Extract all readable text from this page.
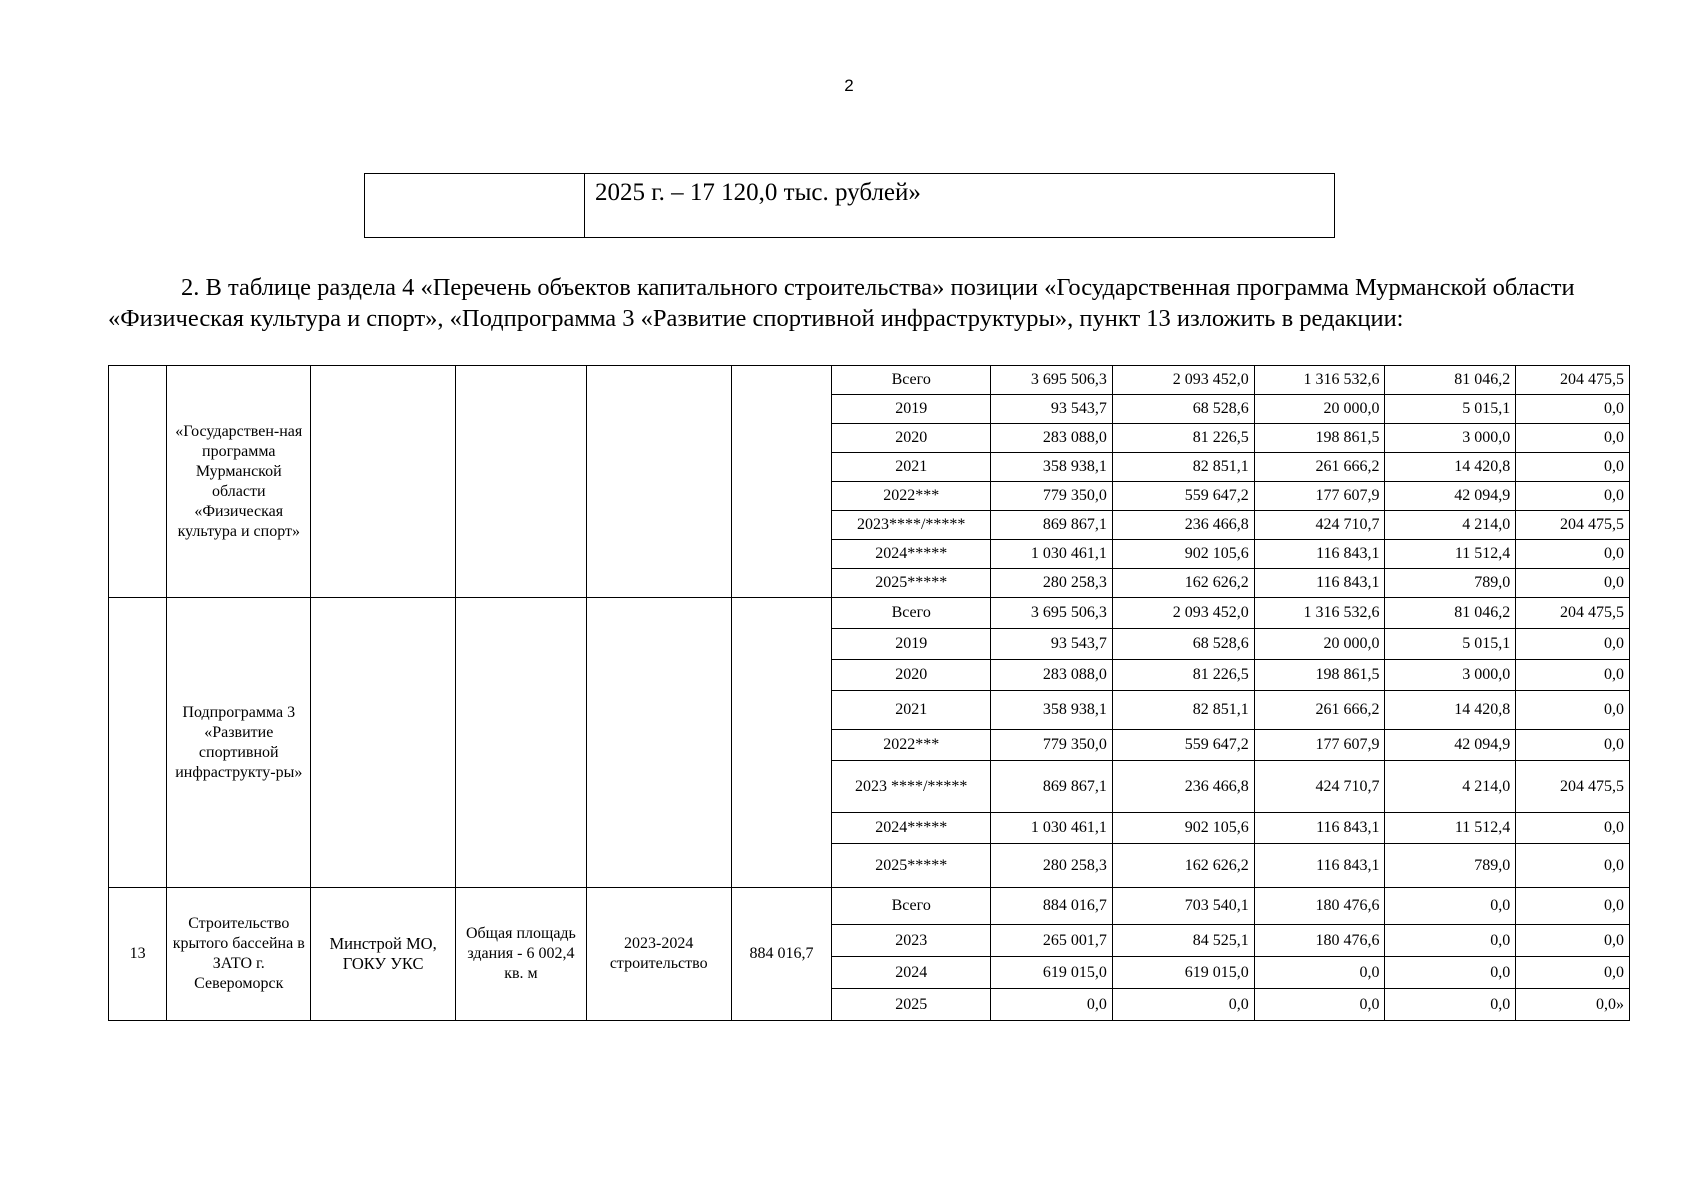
2
2025 г. – 17 120,0 тыс. рублей»
2. В таблице раздела 4 «Перечень объектов капитального строительства» позиции «Государственная программа Мурманской области «Физическая культура и спорт», «Подпрограмма 3 «Развитие спортивной инфраструктуры», пункт 13 изложить в редакции:
	«Государствен-ная программа Мурманской области «Физическая культура и спорт»					Всего	3 695 506,3	2 093 452,0	1 316 532,6	81 046,2	204 475,5
						2019	93 543,7	68 528,6	20 000,0	5 015,1	0,0
						2020	283 088,0	81 226,5	198 861,5	3 000,0	0,0
						2021	358 938,1	82 851,1	261 666,2	14 420,8	0,0
						2022***	779 350,0	559 647,2	177 607,9	42 094,9	0,0
						2023****/*****	869 867,1	236 466,8	424 710,7	4 214,0	204 475,5
						2024*****	1 030 461,1	902 105,6	116 843,1	11 512,4	0,0
						2025*****	280 258,3	162 626,2	116 843,1	789,0	0,0
	Подпрограмма 3 «Развитие спортивной инфраструкту-ры»					Всего	3 695 506,3	2 093 452,0	1 316 532,6	81 046,2	204 475,5
						2019	93 543,7	68 528,6	20 000,0	5 015,1	0,0
						2020	283 088,0	81 226,5	198 861,5	3 000,0	0,0
						2021	358 938,1	82 851,1	261 666,2	14 420,8	0,0
						2022***	779 350,0	559 647,2	177 607,9	42 094,9	0,0
						2023 ****/*****	869 867,1	236 466,8	424 710,7	4 214,0	204 475,5
						2024*****	1 030 461,1	902 105,6	116 843,1	11 512,4	0,0
						2025*****	280 258,3	162 626,2	116 843,1	789,0	0,0
13	Строительство крытого бассейна в ЗАТО г. Североморск	Минстрой МО, ГОКУ УКС	Общая площадь здания - 6 002,4 кв. м	2023-2024 строительство	884 016,7	Всего	884 016,7	703 540,1	180 476,6	0,0	0,0
						2023	265 001,7	84 525,1	180 476,6	0,0	0,0
						2024	619 015,0	619 015,0	0,0	0,0	0,0
						2025	0,0	0,0	0,0	0,0	0,0»
